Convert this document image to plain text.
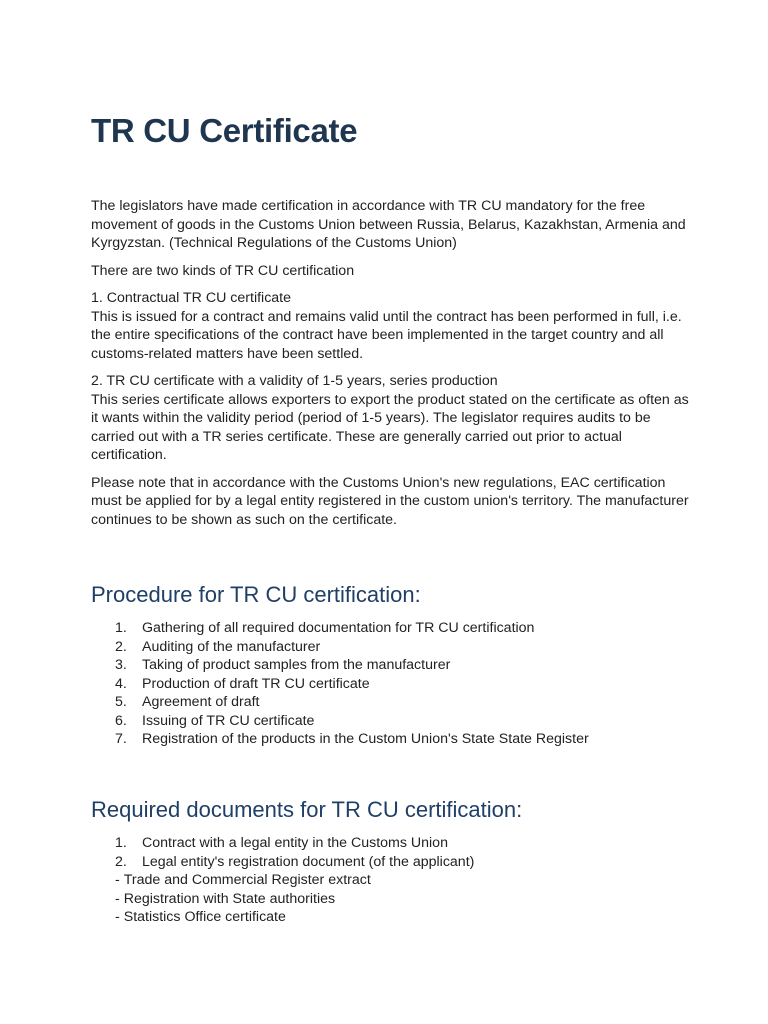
TR CU Certificate

The legislators have made certification in accordance with TR CU mandatory for the free movement of goods in the Customs Union between Russia, Belarus, Kazakhstan, Armenia and Kyrgyzstan. (Technical Regulations of the Customs Union)

There are two kinds of TR CU certification

1. Contractual TR CU certificate
This is issued for a contract and remains valid until the contract has been performed in full, i.e. the entire specifications of the contract have been implemented in the target country and all customs-related matters have been settled.

2. TR CU certificate with a validity of 1-5 years, series production
This series certificate allows exporters to export the product stated on the certificate as often as it wants within the validity period (period of 1-5 years). The legislator requires audits to be carried out with a TR series certificate. These are generally carried out prior to actual certification.

Please note that in accordance with the Customs Union's new regulations, EAC certification must be applied for by a legal entity registered in the custom union's territory. The manufacturer continues to be shown as such on the certificate.

Procedure for TR CU certification:
1. Gathering of all required documentation for TR CU certification
2. Auditing of the manufacturer
3. Taking of product samples from the manufacturer
4. Production of draft TR CU certificate
5. Agreement of draft
6. Issuing of TR CU certificate
7. Registration of the products in the Custom Union's State State Register
Required documents for TR CU certification:
1. Contract with a legal entity in the Customs Union
2. Legal entity's registration document (of the applicant)
- Trade and Commercial Register extract
- Registration with State authorities
- Statistics Office certificate
